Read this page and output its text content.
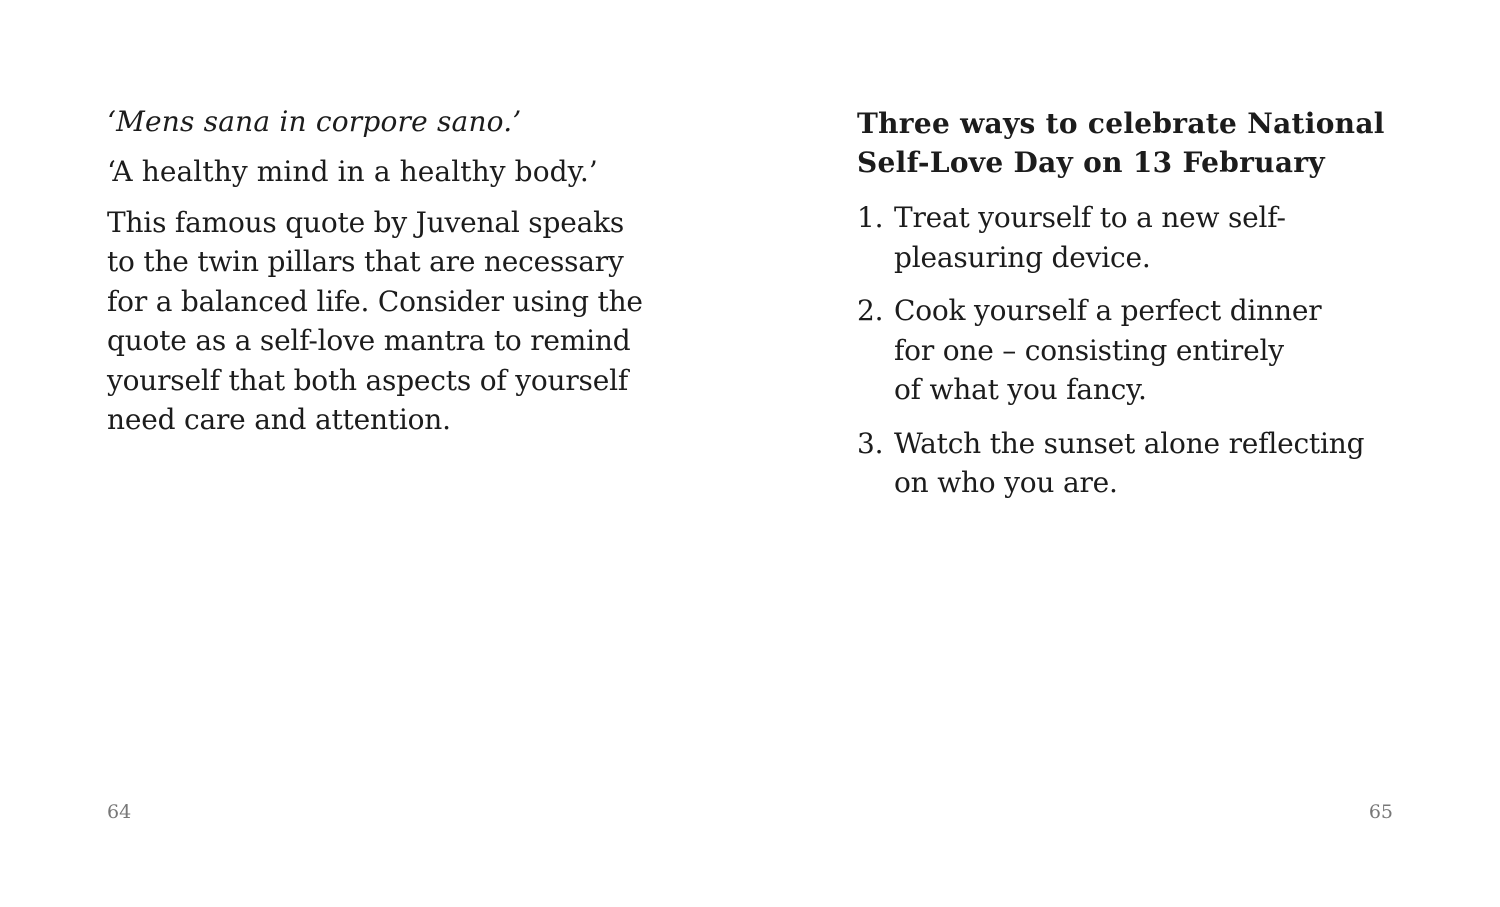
‘Mens sana in corpore sano.’

‘A healthy mind in a healthy body.’

This famous quote by Juvenal speaks
to the twin pillars that are necessary
for a balanced life. Consider using the
quote as a self-love mantra to remind
yourself that both aspects of yourself
need care and attention.

64
Three ways to celebrate National
Self-Love Day on 13 February
1. Treat yourself to a new self-
pleasuring device.
2. Cook yourself a perfect dinner
for one – consisting entirely
of what you fancy.
3. Watch the sunset alone reflecting
on who you are.
65
